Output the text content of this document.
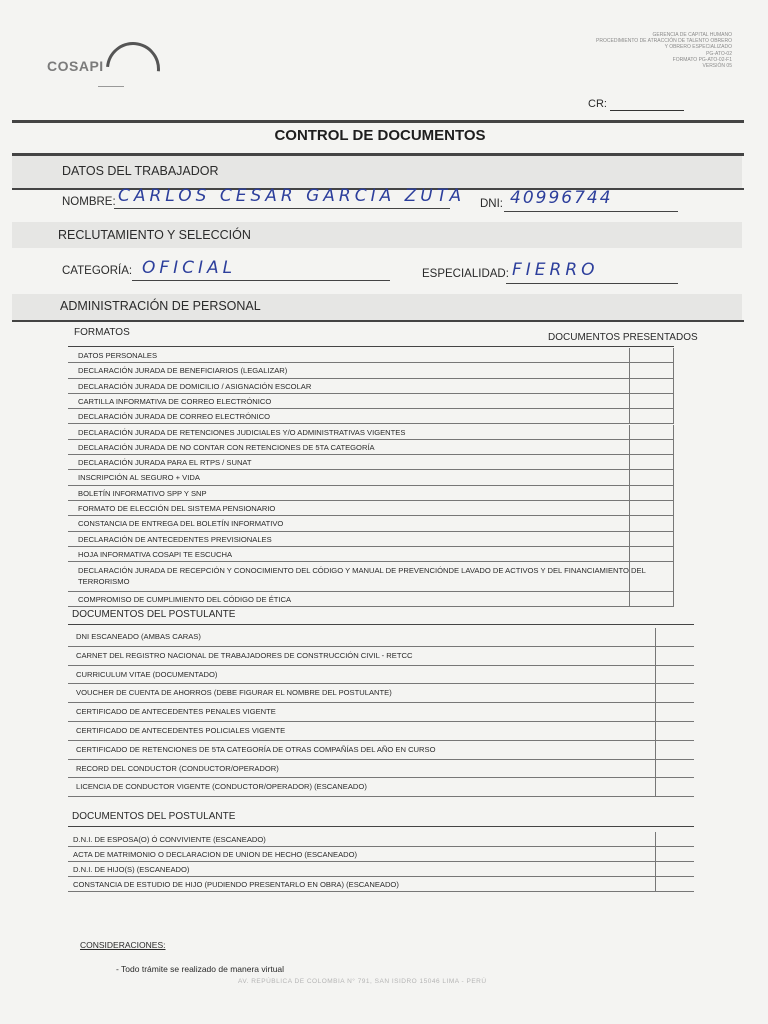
COSAPI
GERENCIA DE CAPITAL HUMANO
PROCEDIMIENTO DE ATRACCIÓN DE TALENTO OBRERO
Y OBRERO ESPECIALIZADO
PG-ATO-02
FORMATO PG-ATO-02-F1
VERSIÓN 05
CR:
CONTROL DE DOCUMENTOS
DATOS DEL TRABAJADOR
NOMBRE: CARLOS CESAR GARCIA ZUTA DNI: 40996744
RECLUTAMIENTO Y SELECCIÓN
CATEGORÍA: OFICIAL	ESPECIALIDAD: FIERRO
ADMINISTRACIÓN DE PERSONAL
FORMATOS	DOCUMENTOS PRESENTADOS
DATOS PERSONALES
DECLARACIÓN JURADA DE BENEFICIARIOS (LEGALIZAR)
DECLARACIÓN JURADA DE DOMICILIO / ASIGNACIÓN ESCOLAR
CARTILLA INFORMATIVA DE CORREO ELECTRÓNICO
DECLARACIÓN JURADA DE CORREO ELECTRÓNICO
DECLARACIÓN JURADA DE RETENCIONES JUDICIALES Y/O ADMINISTRATIVAS VIGENTES
DECLARACIÓN JURADA DE NO CONTAR CON RETENCIONES DE 5TA CATEGORÍA
DECLARACIÓN JURADA PARA EL RTPS / SUNAT
INSCRIPCIÓN AL SEGURO + VIDA
BOLETÍN INFORMATIVO SPP Y SNP
FORMATO DE ELECCIÓN DEL SISTEMA PENSIONARIO
CONSTANCIA DE ENTREGA DEL BOLETÍN INFORMATIVO
DECLARACIÓN DE ANTECEDENTES PREVISIONALES
HOJA INFORMATIVA COSAPI TE ESCUCHA
DECLARACIÓN JURADA DE RECEPCIÓN Y CONOCIMIENTO DEL CÓDIGO Y MANUAL DE PREVENCIÓNDE LAVADO DE ACTIVOS Y DEL FINANCIAMIENTO DEL TERRORISMO
COMPROMISO DE CUMPLIMIENTO DEL CÓDIGO DE ÉTICA
DOCUMENTOS DEL POSTULANTE
DNI ESCANEADO (AMBAS CARAS)
CARNET DEL REGISTRO NACIONAL DE TRABAJADORES DE CONSTRUCCIÓN CIVIL - RETCC
CURRICULUM VITAE (DOCUMENTADO)
VOUCHER DE CUENTA DE AHORROS (DEBE FIGURAR EL NOMBRE DEL POSTULANTE)
CERTIFICADO DE ANTECEDENTES PENALES VIGENTE
CERTIFICADO DE ANTECEDENTES POLICIALES VIGENTE
CERTIFICADO DE RETENCIONES DE 5TA CATEGORÍA DE OTRAS COMPAÑÍAS DEL AÑO EN CURSO
RECORD DEL CONDUCTOR (CONDUCTOR/OPERADOR)
LICENCIA DE CONDUCTOR VIGENTE (CONDUCTOR/OPERADOR) (ESCANEADO)
DOCUMENTOS DEL POSTULANTE
D.N.I. DE ESPOSA(O) Ó CONVIVIENTE (ESCANEADO)
ACTA DE MATRIMONIO O DECLARACION DE UNION DE HECHO (ESCANEADO)
D.N.I. DE HIJO(S) (ESCANEADO)
CONSTANCIA DE ESTUDIO DE HIJO (PUDIENDO PRESENTARLO EN OBRA) (ESCANEADO)
CONSIDERACIONES:
- Todo trámite se realizado de manera virtual
AV. REPÚBLICA DE COLOMBIA N° 791, SAN ISIDRO 15046 LIMA - PERÚ
